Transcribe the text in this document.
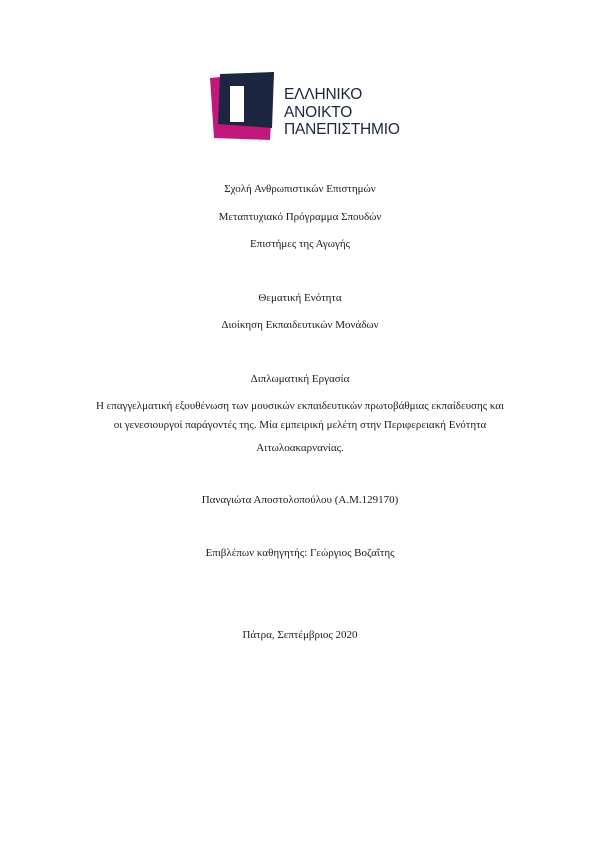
ΕΛΛΗΝΙΚΟ
ΑΝΟΙΚΤΟ
ΠΑΝΕΠΙΣΤΗΜΙΟ
Σχολή Ανθρωπιστικών Επιστημών
Μεταπτυχιακό Πρόγραμμα Σπουδών
Επιστήμες της Αγωγής
Θεματική Ενότητα
Διοίκηση Εκπαιδευτικών Μονάδων
Διπλωματική Εργασία
Η επαγγελματική εξουθένωση των μουσικών εκπαιδευτικών πρωτοβάθμιας εκπαίδευσης και
οι γενεσιουργοί παράγοντές της. Μία εμπειρική μελέτη στην Περιφερειακή Ενότητα
Αιτωλοακαρνανίας.
Παναγιώτα Αποστολοπούλου (Α.Μ.129170)
Επιβλέπων καθηγητής: Γεώργιος Βοζαΐτης
Πάτρα, Σεπτέμβριος 2020
